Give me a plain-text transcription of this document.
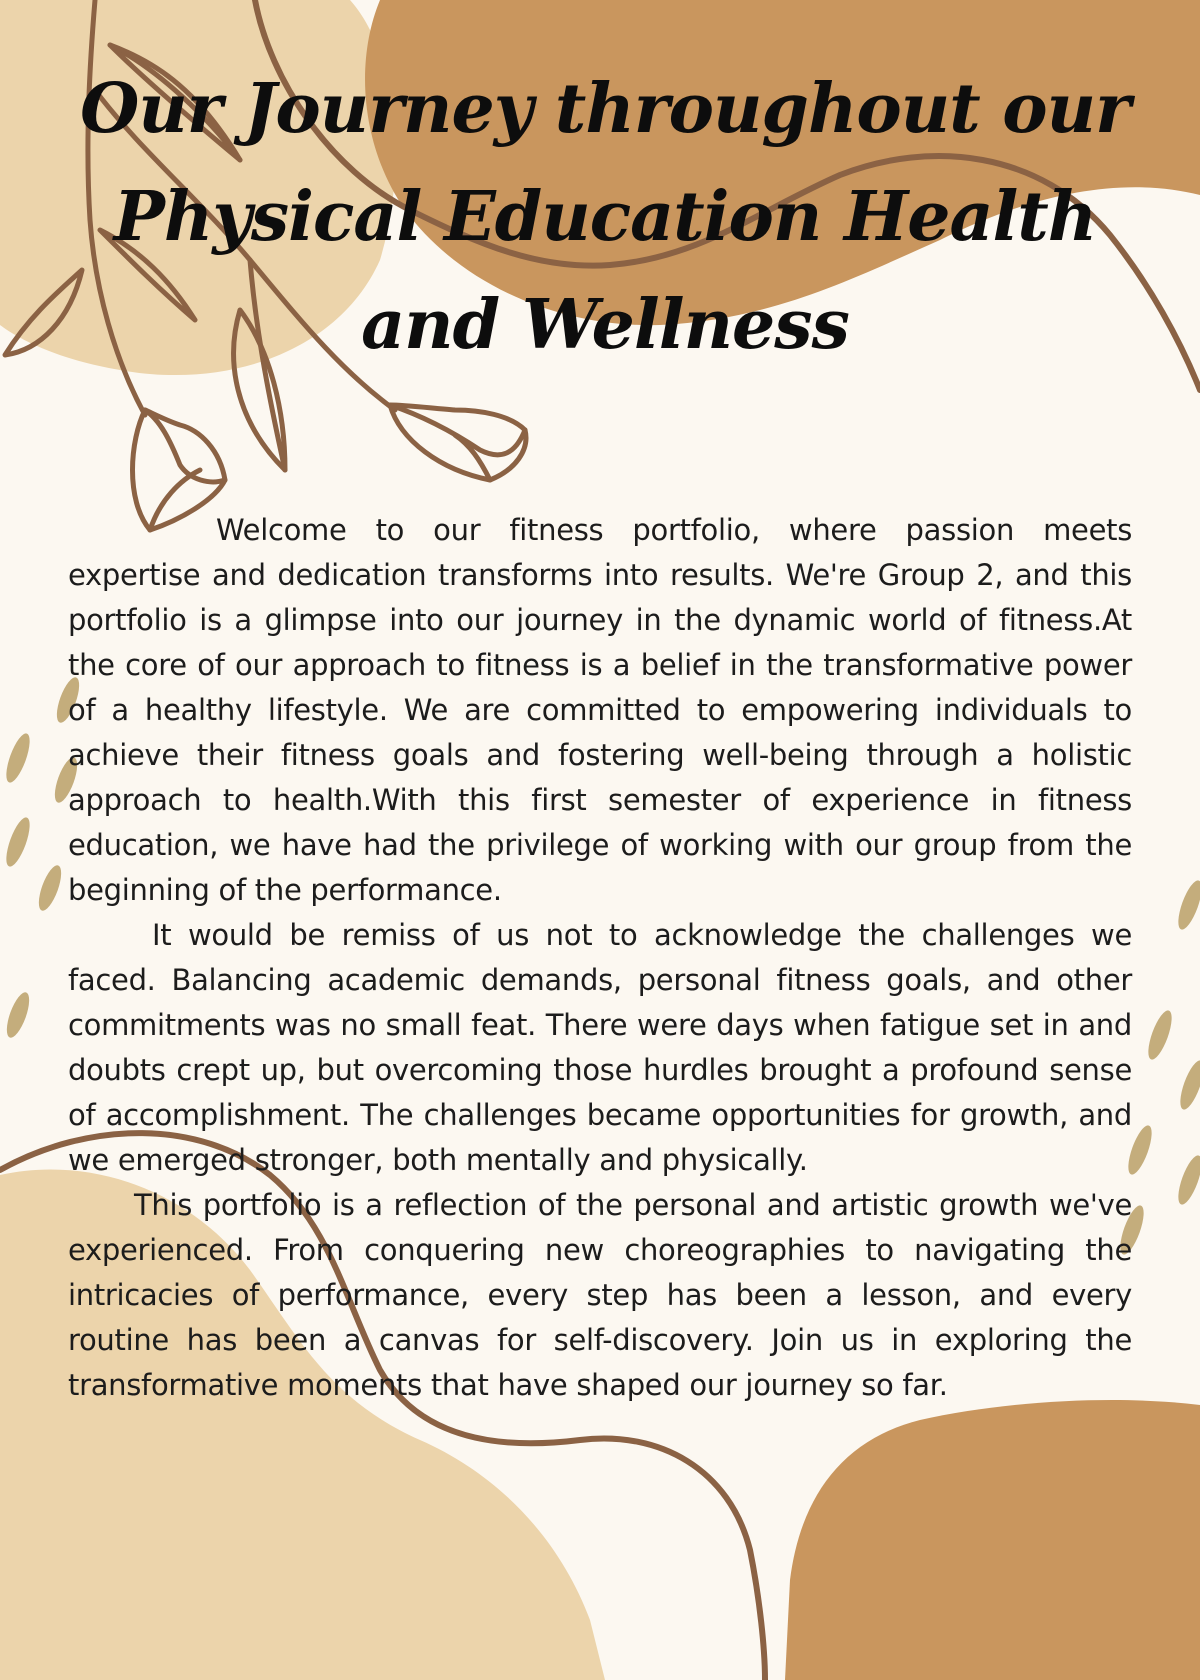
Our Journey throughout our Physical Education Health and Wellness

Welcome to our fitness portfolio, where passion meets expertise and dedication transforms into results. We're Group 2, and this portfolio is a glimpse into our journey in the dynamic world of fitness.At the core of our approach to fitness is a belief in the transformative power of a healthy lifestyle. We are committed to empowering individuals to achieve their fitness goals and fostering well-being through a holistic approach to health.With this first semester of experience in fitness education, we have had the privilege of working with our group from the beginning of the performance.

It would be remiss of us not to acknowledge the challenges we faced. Balancing academic demands, personal fitness goals, and other commitments was no small feat. There were days when fatigue set in and doubts crept up, but overcoming those hurdles brought a profound sense of accomplishment. The challenges became opportunities for growth, and we emerged stronger, both mentally and physically.

This portfolio is a reflection of the personal and artistic growth we've experienced. From conquering new choreographies to navigating the intricacies of performance, every step has been a lesson, and every routine has been a canvas for self-discovery. Join us in exploring the transformative moments that have shaped our journey so far.
